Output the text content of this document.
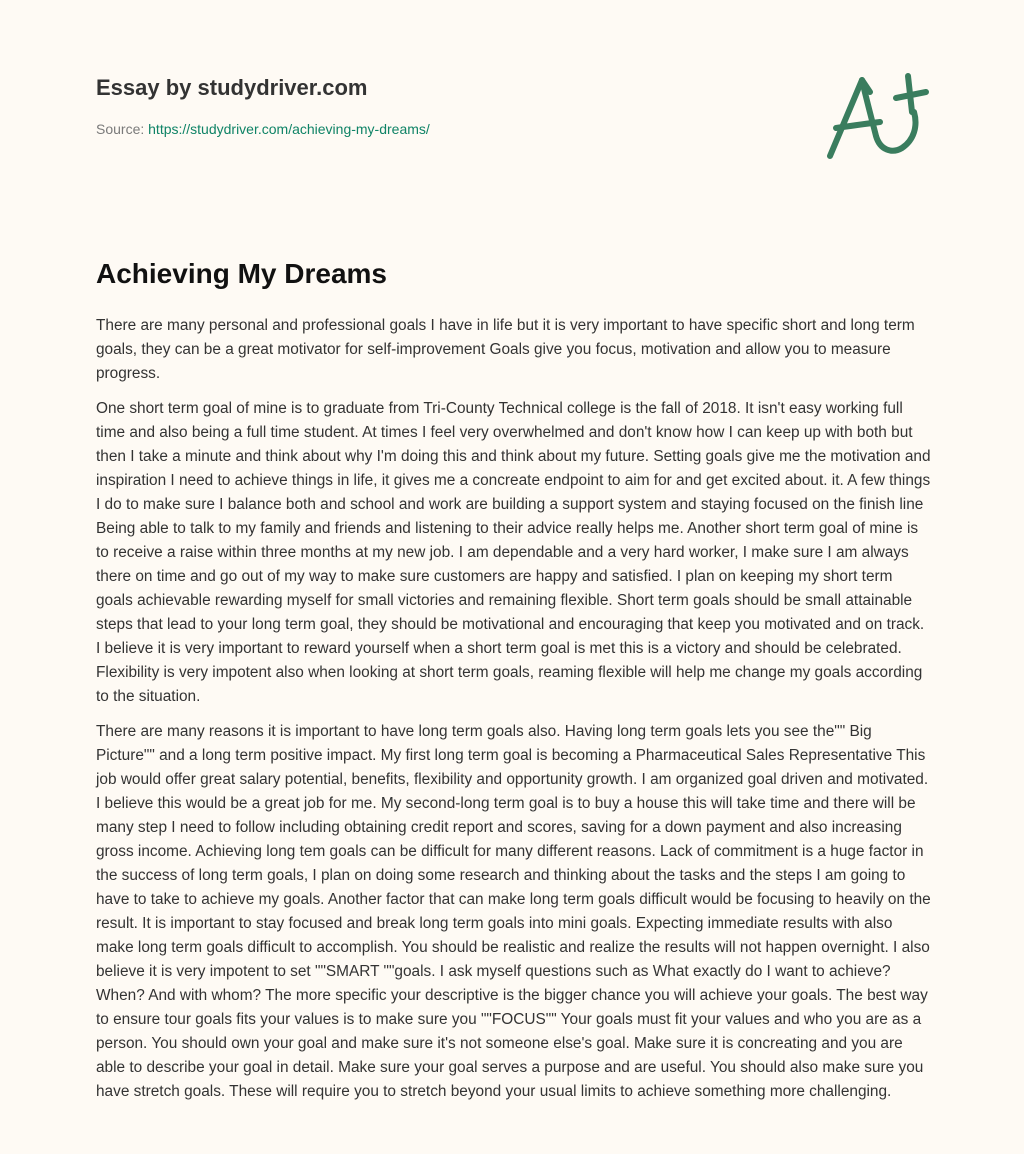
Essay by studydriver.com
Source: https://studydriver.com/achieving-my-dreams/
Achieving My Dreams

There are many personal and professional goals I have in life but it is very important to have specific short and long term goals, they can be a great motivator for self-improvement Goals give you focus, motivation and allow you to measure progress.

One short term goal of mine is to graduate from Tri-County Technical college is the fall of 2018. It isn't easy working full time and also being a full time student. At times I feel very overwhelmed and don't know how I can keep up with both but then I take a minute and think about why I'm doing this and think about my future. Setting goals give me the motivation and inspiration I need to achieve things in life, it gives me a concreate endpoint to aim for and get excited about. it. A few things I do to make sure I balance both and school and work are building a support system and staying focused on the finish line Being able to talk to my family and friends and listening to their advice really helps me. Another short term goal of mine is to receive a raise within three months at my new job. I am dependable and a very hard worker, I make sure I am always there on time and go out of my way to make sure customers are happy and satisfied. I plan on keeping my short term goals achievable rewarding myself for small victories and remaining flexible. Short term goals should be small attainable steps that lead to your long term goal, they should be motivational and encouraging that keep you motivated and on track. I believe it is very important to reward yourself when a short term goal is met this is a victory and should be celebrated. Flexibility is very impotent also when looking at short term goals, reaming flexible will help me change my goals according to the situation.

There are many reasons it is important to have long term goals also. Having long term goals lets you see the"" Big Picture"" and a long term positive impact. My first long term goal is becoming a Pharmaceutical Sales Representative This job would offer great salary potential, benefits, flexibility and opportunity growth. I am organized goal driven and motivated. I believe this would be a great job for me. My second-long term goal is to buy a house this will take time and there will be many step I need to follow including obtaining credit report and scores, saving for a down payment and also increasing gross income. Achieving long tem goals can be difficult for many different reasons. Lack of commitment is a huge factor in the success of long term goals, I plan on doing some research and thinking about the tasks and the steps I am going to have to take to achieve my goals. Another factor that can make long term goals difficult would be focusing to heavily on the result. It is important to stay focused and break long term goals into mini goals. Expecting immediate results with also make long term goals difficult to accomplish. You should be realistic and realize the results will not happen overnight. I also believe it is very impotent to set ""SMART ""goals. I ask myself questions such as What exactly do I want to achieve? When? And with whom? The more specific your descriptive is the bigger chance you will achieve your goals. The best way to ensure tour goals fits your values is to make sure you ""FOCUS"" Your goals must fit your values and who you are as a person. You should own your goal and make sure it's not someone else's goal. Make sure it is concreating and you are able to describe your goal in detail. Make sure your goal serves a purpose and are useful. You should also make sure you have stretch goals. These will require you to stretch beyond your usual limits to achieve something more challenging.
